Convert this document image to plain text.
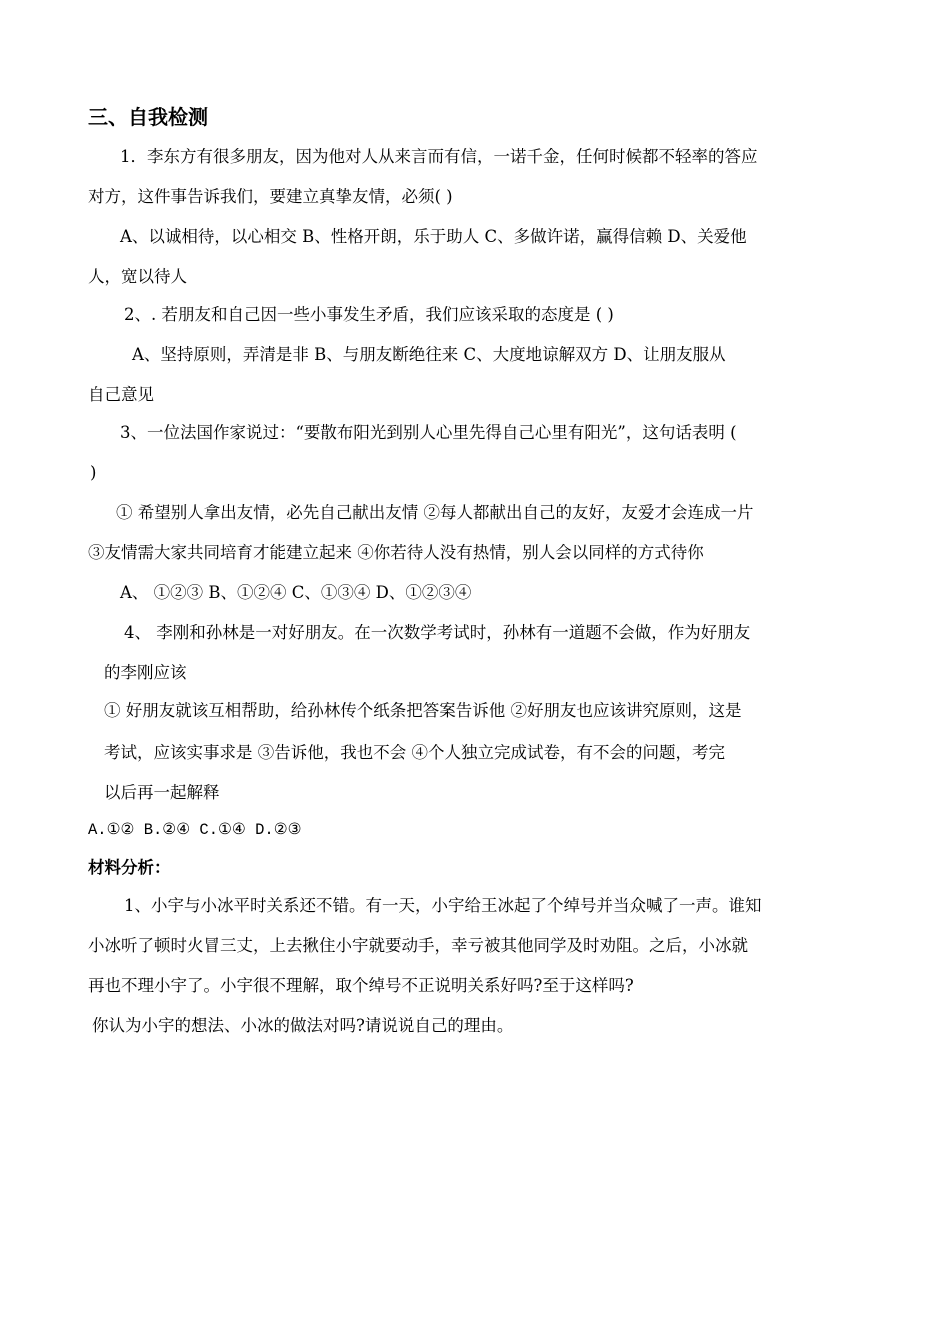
三、自我检测
1．李东方有很多朋友，因为他对人从来言而有信，一诺千金，任何时候都不轻率的答应
对方，这件事告诉我们，要建立真挚友情，必须( )
A、以诚相待，以心相交 B、性格开朗，乐于助人 C、多做许诺，赢得信赖 D、关爱他
人，宽以待人
2、. 若朋友和自己因一些小事发生矛盾，我们应该采取的态度是 ( )
A、坚持原则，弄清是非 B、与朋友断绝往来 C、大度地谅解双方 D、让朋友服从
自己意见
3、一位法国作家说过：“要散布阳光到别人心里先得自己心里有阳光”，这句话表明 (
)
① 希望别人拿出友情，必先自己献出友情 ②每人都献出自己的友好，友爱才会连成一片
③友情需大家共同培育才能建立起来 ④你若待人没有热情，别人会以同样的方式待你
A、 ①②③ B、①②④ C、①③④ D、①②③④
4、 李刚和孙林是一对好朋友。在一次数学考试时，孙林有一道题不会做，作为好朋友
的李刚应该
① 好朋友就该互相帮助，给孙林传个纸条把答案告诉他 ②好朋友也应该讲究原则，这是
考试，应该实事求是 ③告诉他，我也不会 ④个人独立完成试卷，有不会的问题，考完
以后再一起解释
A.①② B.②④ C.①④ D.②③
材料分析：
1、小宇与小冰平时关系还不错。有一天，小宇给王冰起了个绰号并当众喊了一声。谁知
小冰听了顿时火冒三丈，上去揪住小宇就要动手，幸亏被其他同学及时劝阻。之后，小冰就
再也不理小宇了。小宇很不理解，取个绰号不正说明关系好吗?至于这样吗?
你认为小宇的想法、小冰的做法对吗?请说说自己的理由。
